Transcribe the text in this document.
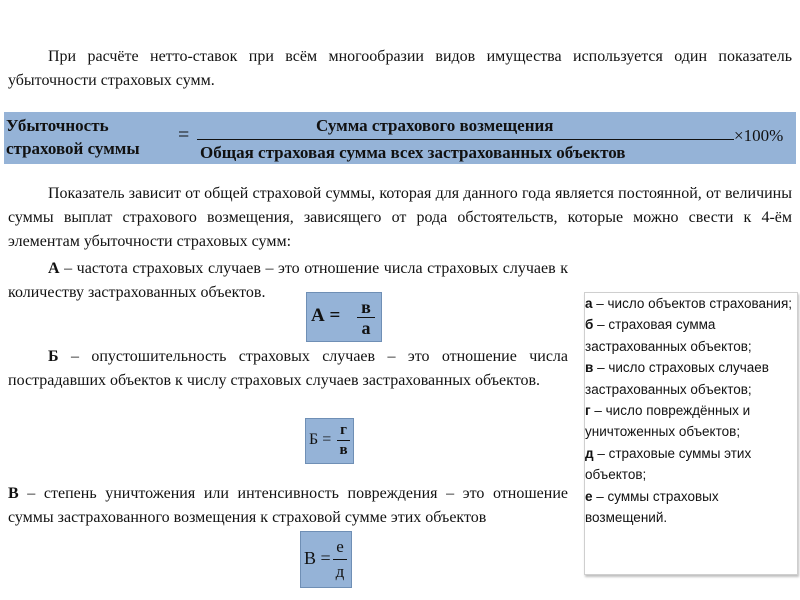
При расчёте нетто-ставок при всём многообразии видов имущества используется один показатель убыточности страховых сумм.
Убыточность
страховой суммы
=	Сумма страхового возмещения
Общая страховая сумма всех застрахованных объектов
×100%
Показатель зависит от общей страховой суммы, которая для данного года является постоянной, от величины суммы выплат страхового возмещения, зависящего от рода обстоятельств, которые можно свести к 4-ём элементам убыточности страховых сумм:
А – частота страховых случаев – это отношение числа страховых случаев к количеству застрахованных объектов.
А = в
а
Б – опустошительность страховых случаев – это отношение числа пострадавших объектов к числу страховых случаев застрахованных объектов.
Б =
г
в
В – степень уничтожения или интенсивность повреждения – это отношение суммы застрахованного возмещения к страховой сумме этих объектов
В =
е
д
а – число объектов страхования;
б – страховая сумма застрахованных объектов;
в – число страховых случаев застрахованных объектов;
г – число повреждённых и уничтоженных объектов;
д – страховые суммы этих объектов;
е – суммы страховых возмещений.
